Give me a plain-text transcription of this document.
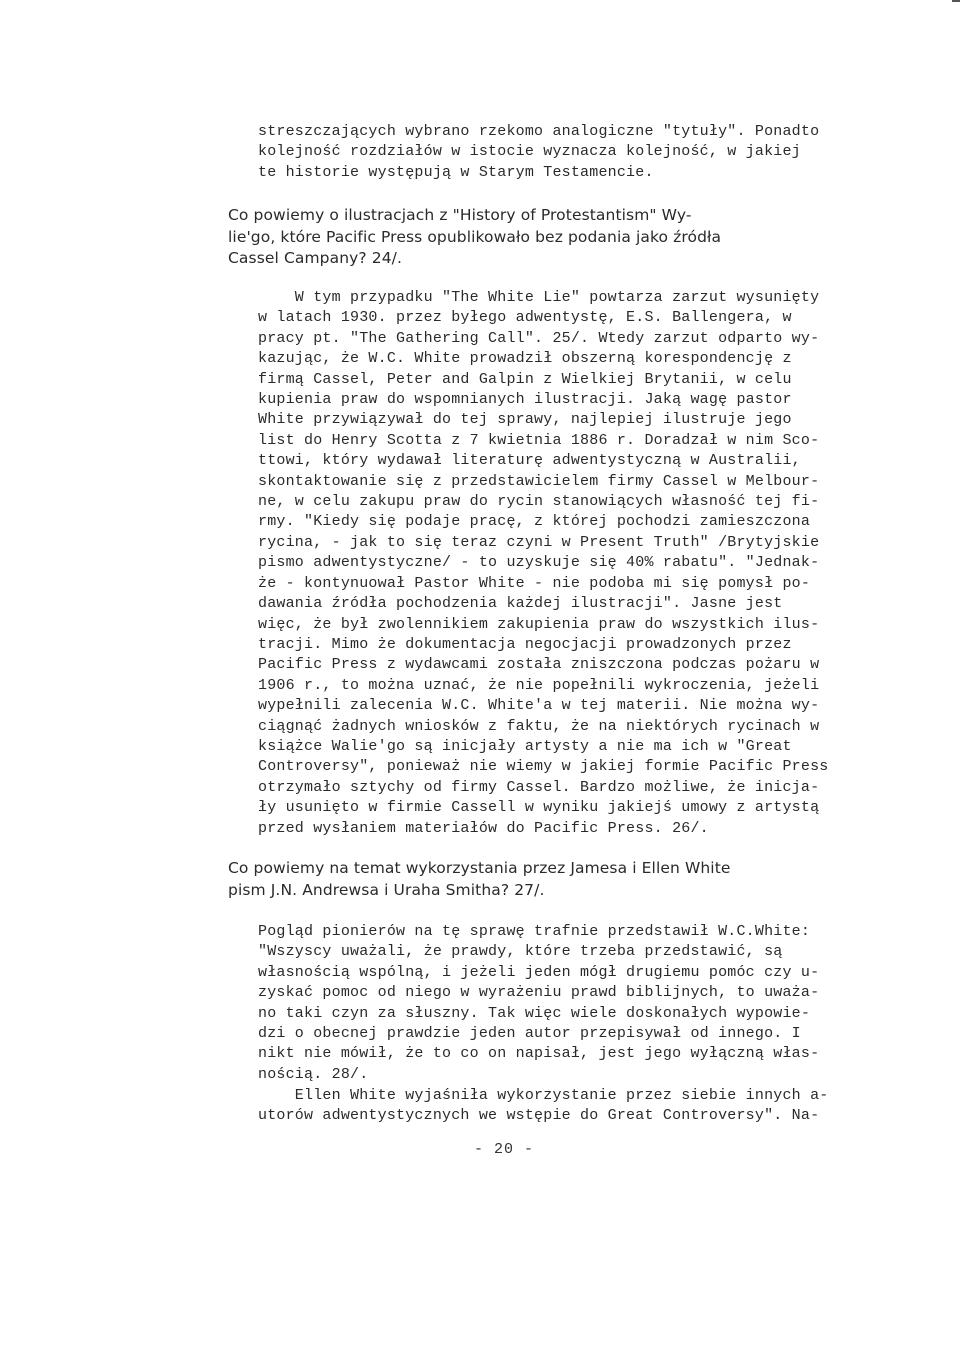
streszczających wybrano rzekomo analogiczne "tytuły". Ponadto
kolejność rozdziałów w istocie wyznacza kolejność, w jakiej
te historie występują w Starym Testamencie.
Co powiemy o ilustracjach z "History of Protestantism" Wy-
lie'go, które Pacific Press opublikowało bez podania jako źródła
Cassel Campany? 24/.
W tym przypadku "The White Lie" powtarza zarzut wysunięty
w latach 1930. przez byłego adwentystę, E.S. Ballengera, w
pracy pt. "The Gathering Call". 25/. Wtedy zarzut odparto wy-
kazując, że W.C. White prowadził obszerną korespondencję z
firmą Cassel, Peter and Galpin z Wielkiej Brytanii, w celu
kupienia praw do wspomnianych ilustracji. Jaką wagę pastor
White przywiązywał do tej sprawy, najlepiej ilustruje jego
list do Henry Scotta z 7 kwietnia 1886 r. Doradzał w nim Sco-
ttowi, który wydawał literaturę adwentystyczną w Australii,
skontaktowanie się z przedstawicielem firmy Cassel w Melbour-
ne, w celu zakupu praw do rycin stanowiących własność tej fi-
rmy. "Kiedy się podaje pracę, z której pochodzi zamieszczona
rycina, - jak to się teraz czyni w Present Truth" /Brytyjskie
pismo adwentystyczne/ - to uzyskuje się 40% rabatu". "Jednak-
że - kontynuował Pastor White - nie podoba mi się pomysł po-
dawania źródła pochodzenia każdej ilustracji". Jasne jest
więc, że był zwolennikiem zakupienia praw do wszystkich ilus-
tracji. Mimo że dokumentacja negocjacji prowadzonych przez
Pacific Press z wydawcami została zniszczona podczas pożaru w
1906 r., to można uznać, że nie popełnili wykroczenia, jeżeli
wypełnili zalecenia W.C. White'a w tej materii. Nie można wy-
ciągnąć żadnych wniosków z faktu, że na niektórych rycinach w
książce Walie'go są inicjały artysty a nie ma ich w "Great
Controversy", ponieważ nie wiemy w jakiej formie Pacific Press
otrzymało sztychy od firmy Cassel. Bardzo możliwe, że inicja-
ły usunięto w firmie Cassell w wyniku jakiejś umowy z artystą
przed wysłaniem materiałów do Pacific Press. 26/.
Co powiemy na temat wykorzystania przez Jamesa i Ellen White
pism J.N. Andrewsa i Uraha Smitha? 27/.
Pogląd pionierów na tę sprawę trafnie przedstawił W.C.White:
"Wszyscy uważali, że prawdy, które trzeba przedstawić, są
własnością wspólną, i jeżeli jeden mógł drugiemu pomóc czy u-
zyskać pomoc od niego w wyrażeniu prawd biblijnych, to uważa-
no taki czyn za słuszny. Tak więc wiele doskonałych wypowie-
dzi o obecnej prawdzie jeden autor przepisywał od innego. I
nikt nie mówił, że to co on napisał, jest jego wyłączną włas-
nością. 28/.
Ellen White wyjaśniła wykorzystanie przez siebie innych a-
utorów adwentystycznych we wstępie do Great Controversy". Na-
- 20 -
